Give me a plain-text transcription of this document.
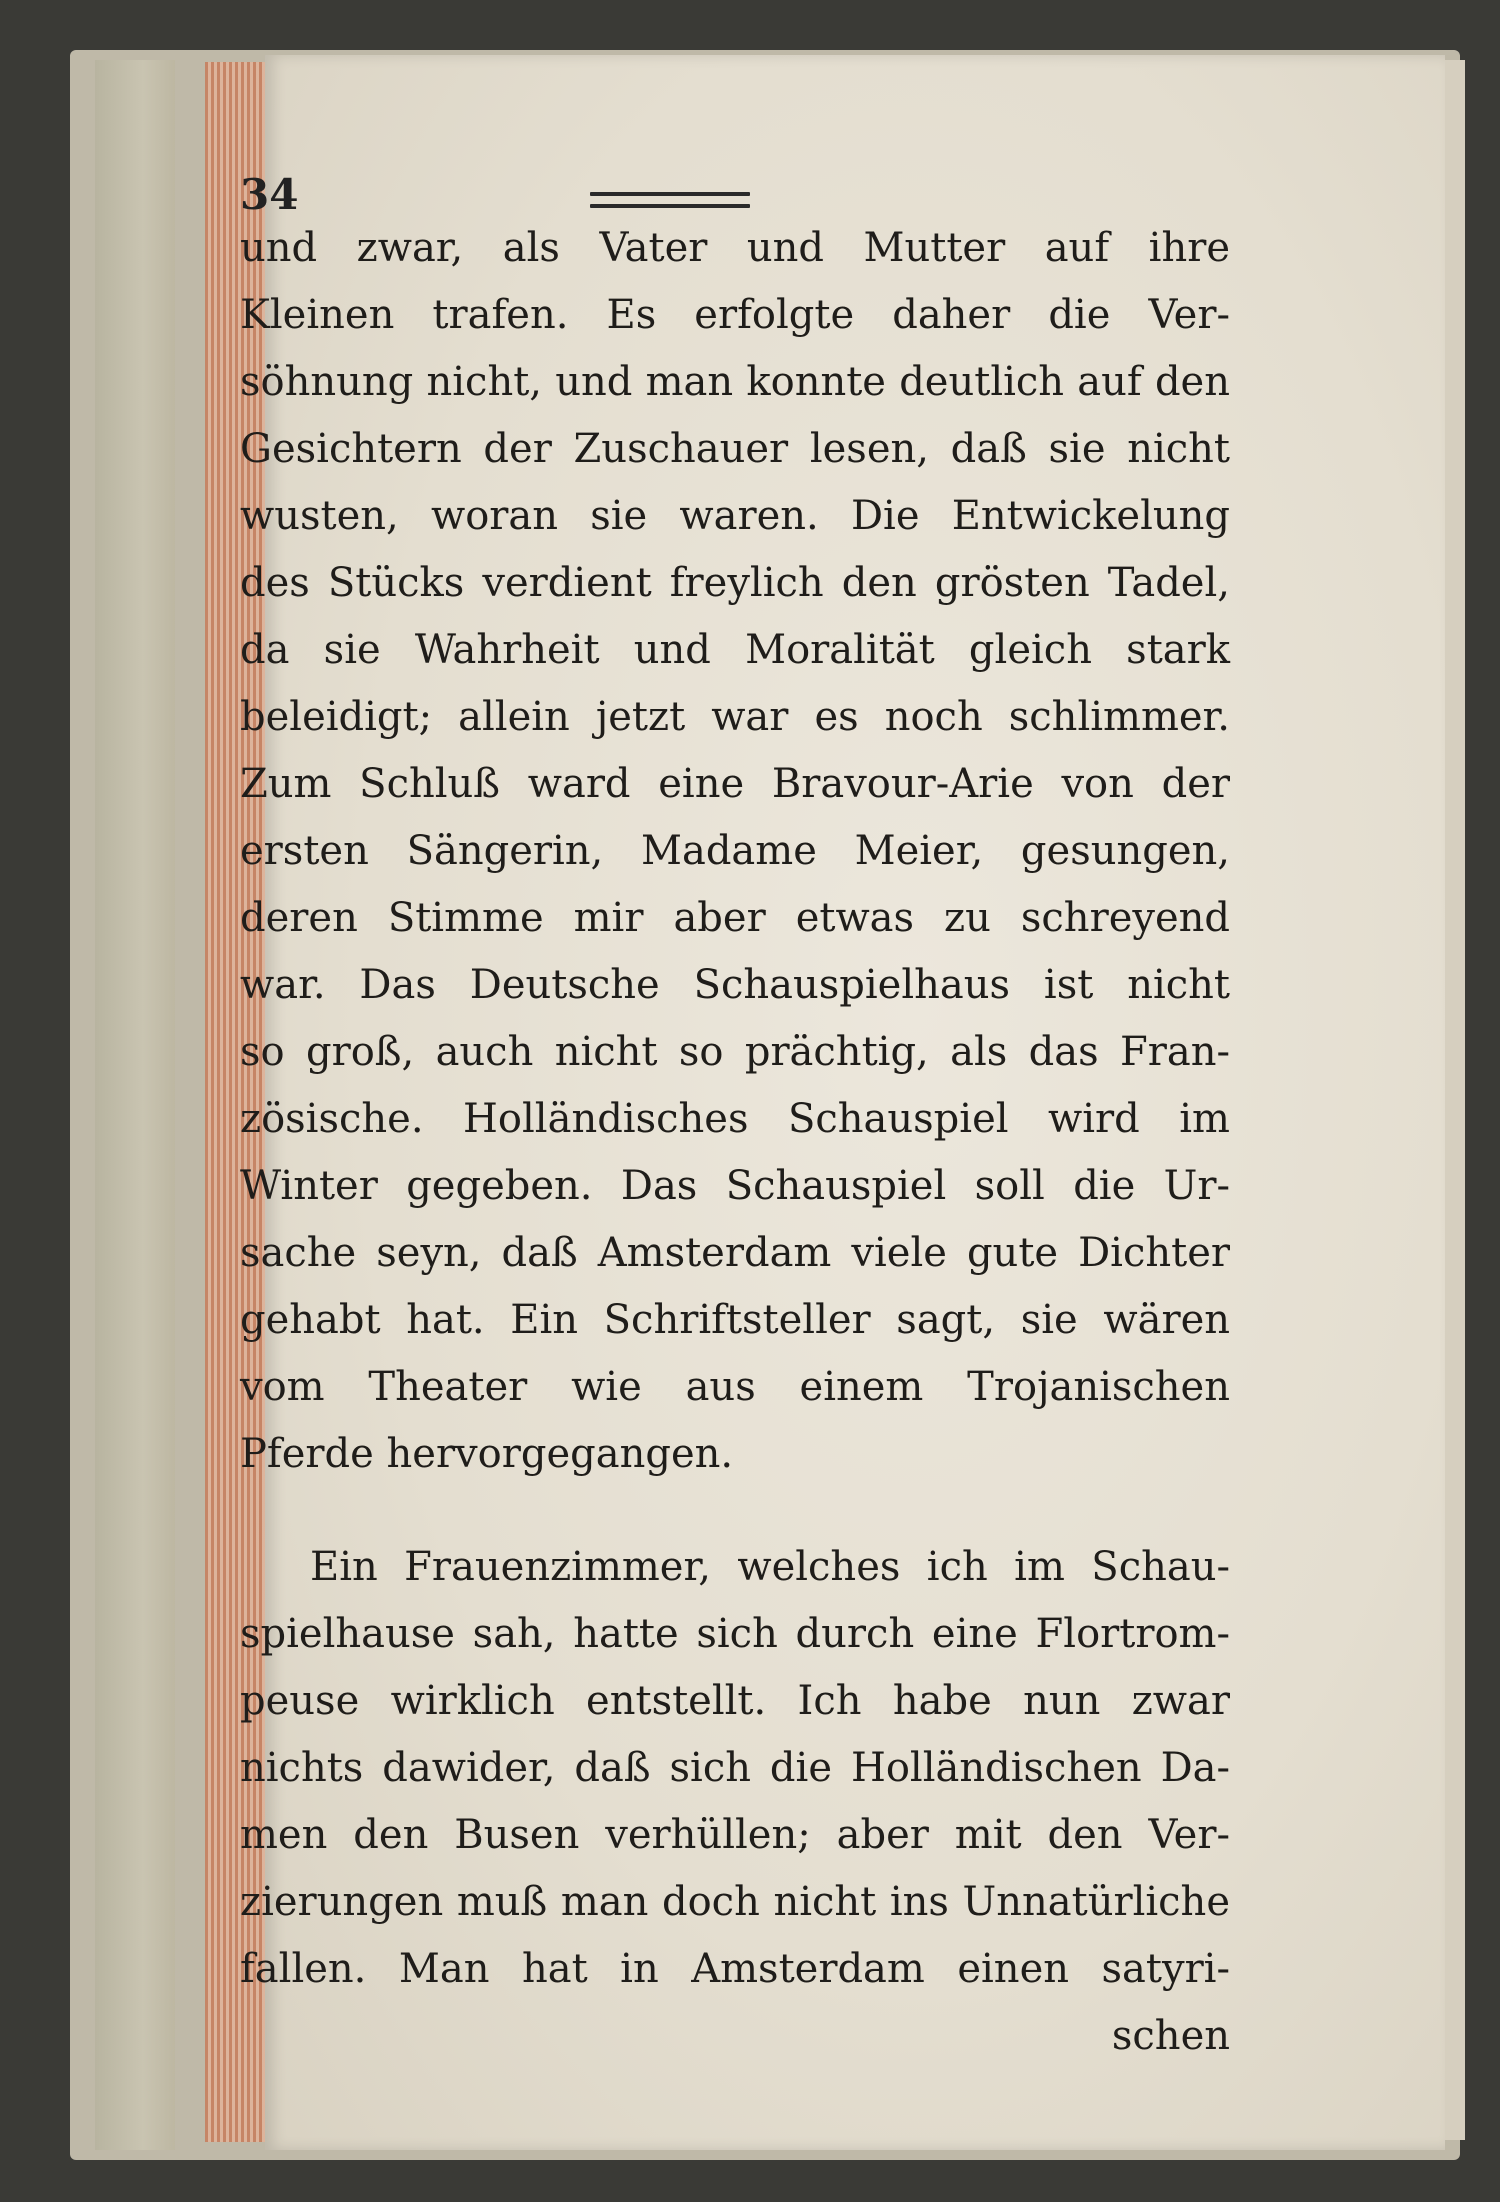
34
und zwar, als Vater und Mutter auf ihre
Kleinen trafen. Es erfolgte daher die Ver-
söhnung nicht, und man konnte deutlich auf den
Gesichtern der Zuschauer lesen, daß sie nicht
wusten, woran sie waren. Die Entwickelung
des Stücks verdient freylich den grösten Tadel,
da sie Wahrheit und Moralität gleich stark
beleidigt; allein jetzt war es noch schlimmer.
Zum Schluß ward eine Bravour-Arie von der
ersten Sängerin, Madame Meier, gesungen,
deren Stimme mir aber etwas zu schreyend
war. Das Deutsche Schauspielhaus ist nicht
so groß, auch nicht so prächtig, als das Fran-
zösische. Holländisches Schauspiel wird im
Winter gegeben. Das Schauspiel soll die Ur-
sache seyn, daß Amsterdam viele gute Dichter
gehabt hat. Ein Schriftsteller sagt, sie wären
vom Theater wie aus einem Trojanischen
Pferde hervorgegangen.
Ein Frauenzimmer, welches ich im Schau-
spielhause sah, hatte sich durch eine Flortrom-
peuse wirklich entstellt. Ich habe nun zwar
nichts dawider, daß sich die Holländischen Da-
men den Busen verhüllen; aber mit den Ver-
zierungen muß man doch nicht ins Unnatürliche
fallen. Man hat in Amsterdam einen satyri-
schen
